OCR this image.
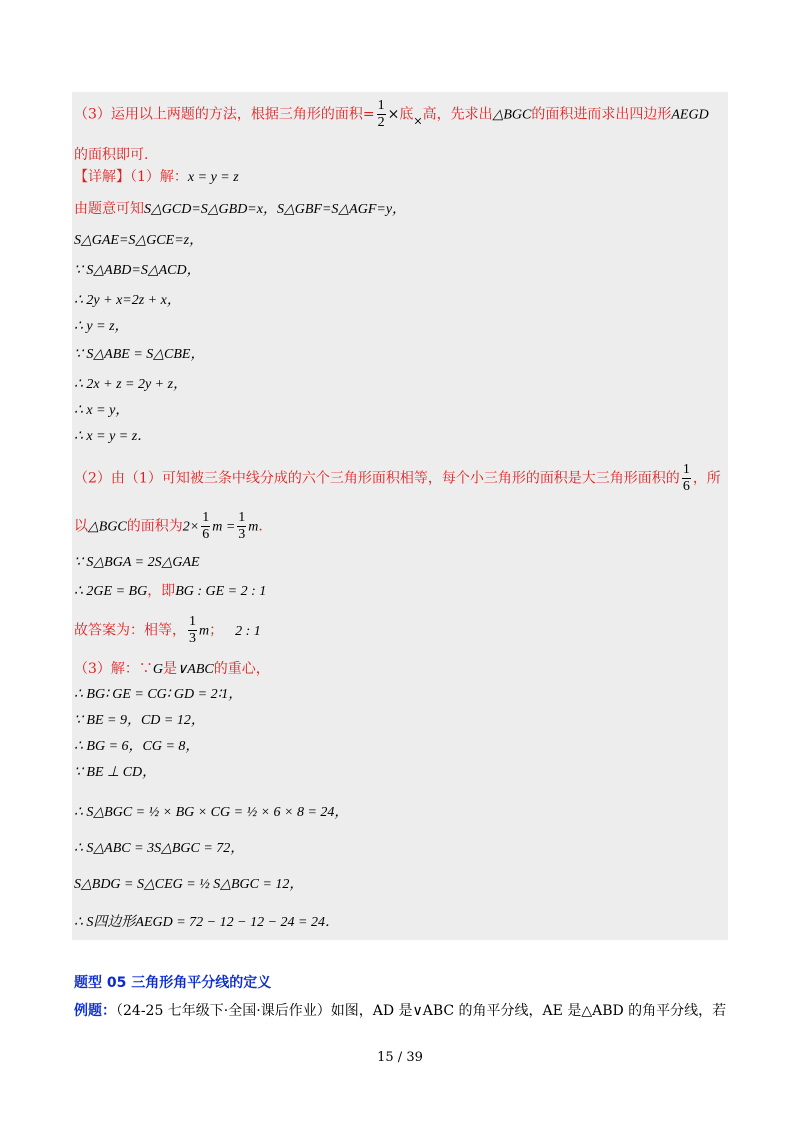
（3）运用以上两题的方法，根据三角形的面积= $\frac{1}{2}$ ×底$_\times$高，先求出△BGC的面积进而求出四边形AEGD
的面积即可.
【详解】（1）解：x = y = z
由题意可知S△GCD=S△GBD=x，S△GBF=S△AGF=y，
S△GAE=S△GCE=z，
∵ S△ABD=S△ACD，
∴ 2y + x=2z + x，
∴ y = z，
∵ S△ABE = S△CBE，
∴ 2x + z = 2y + z，
∴ x = y，
∴ x = y = z．
（2）由（1）可知被三条中线分成的六个三角形面积相等，每个小三角形的面积是大三角形面积的 $\frac{1}{6}$ ，所
以△BGC的面积为$2\times \frac{1}{6}$ $m = \frac{1}{3}$ m．
∵ S△BGA = 2S△GAE
∴ 2GE = BG，即BG : GE = 2 : 1
故答案为：相等， $\frac{1}{3}$ m； 2 : 1
（3）解：∵G是∨ABC的重心，
∴ BG∶ GE = CG∶ GD = 2∶1，
∵ BE = 9，CD = 12，
∴ BG = 6，CG = 8，
∵ BE ⊥ CD，
∴ S△BGC = ½ × BG × CG = ½ × 6 × 8 = 24，
∴ S△ABC = 3S△BGC = 72，
S△BDG = S△CEG = ½ S△BGC = 12，
∴ S四边形AEGD = 72 − 12 − 12 − 24 = 24．
题型 05 三角形角平分线的定义
例题：（24-25 七年级下·全国·课后作业）如图，AD 是∨ABC 的角平分线，AE 是△ABD 的角平分线，若
15 / 39
